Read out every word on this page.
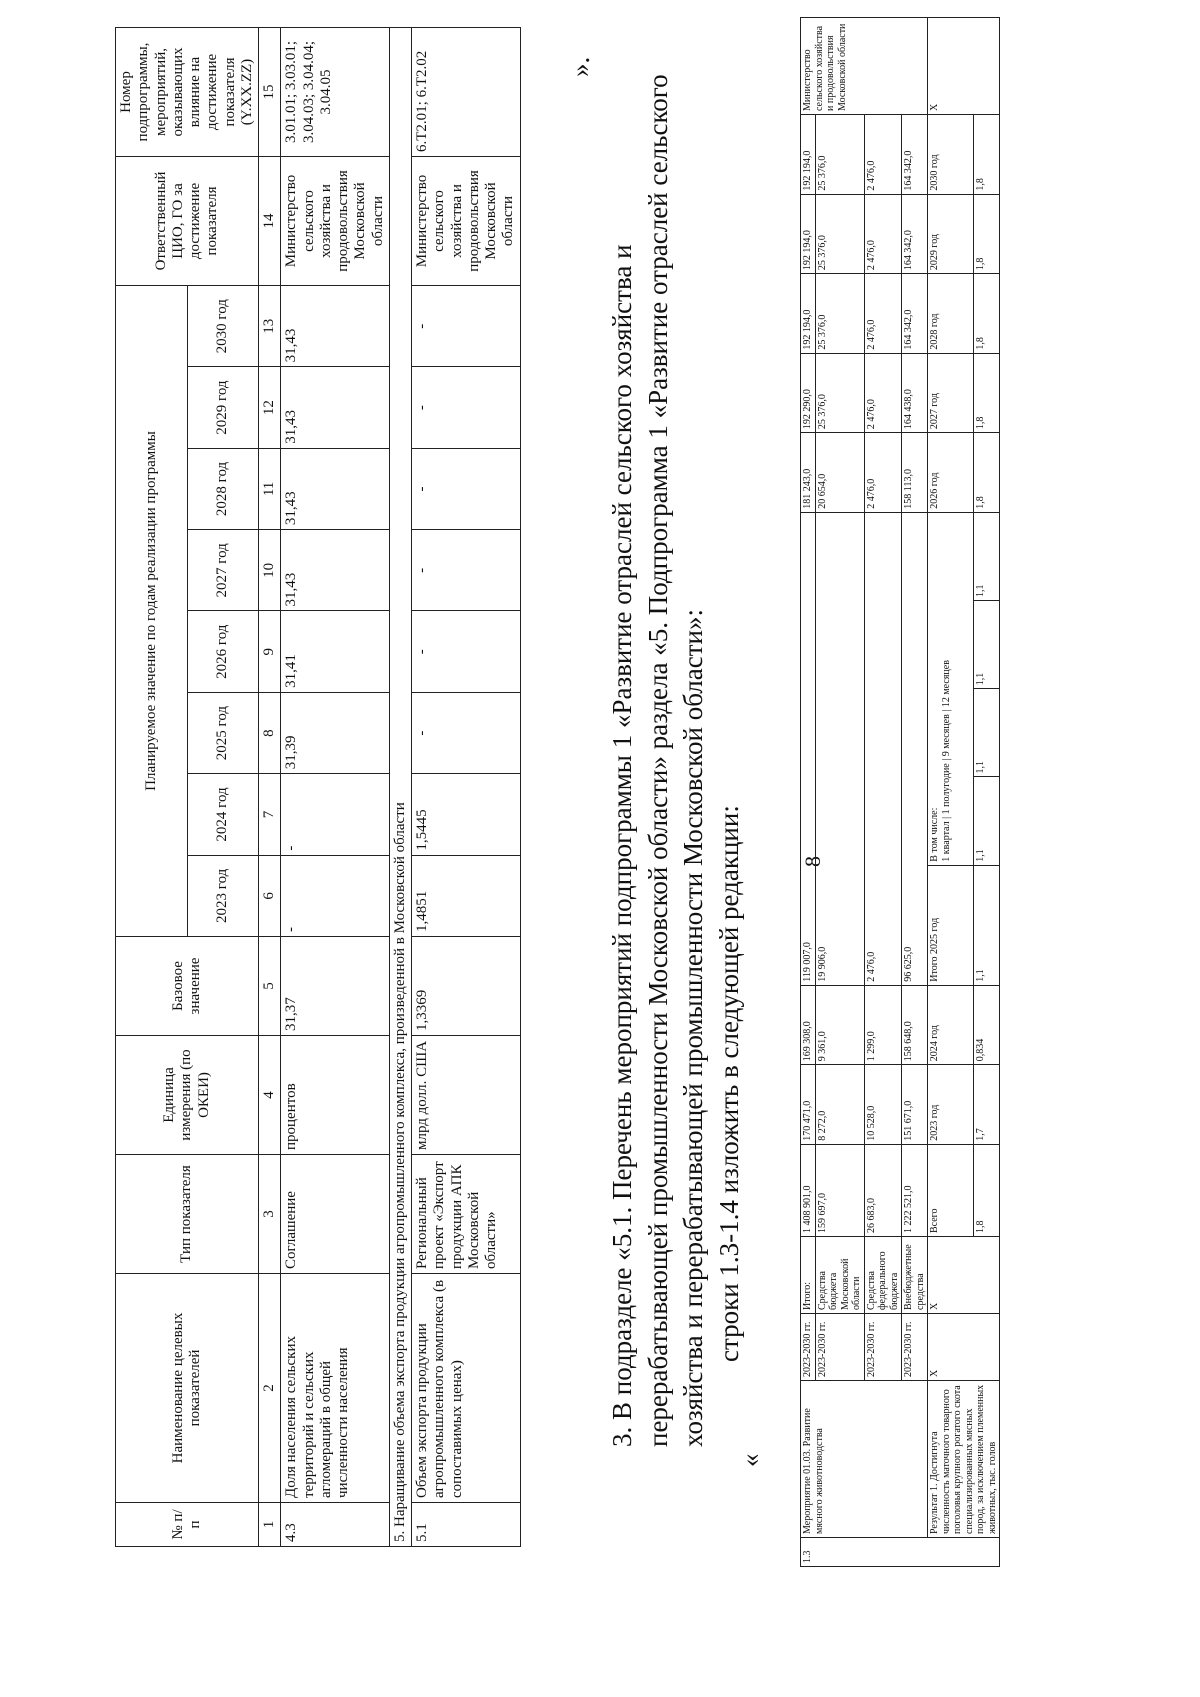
8
№ п/п	Наименование целевых показателей	Тип показателя	Единица измерения (по ОКЕИ)	Базовое значение	Планируемое значение по годам реализации программы								Ответственный ЦИО, ГО за достижение показателя	Номер подпрограммы, мероприятий, оказывающих влияние на достижение показателя (Y.XX.ZZ)
					2023 год	2024 год	2025 год	2026 год	2027 год	2028 год	2029 год	2030 год		
1	2	3	4	5	6	7	8	9	10	11	12	13	14	15
4.3	Доля населения сельских территорий и сельских агломераций в общей численности населения	Соглашение	процентов	31,37	-	-	31,39	31,41	31,43	31,43	31,43	31,43	Министерство сельского хозяйства и продовольствия Московской области	3.01.01; 3.03.01; 3.04.03; 3.04.04; 3.04.05
5. Наращивание объема экспорта продукции агропромышленного комплекса, произведенной в Московской области														
5.1	Объем экспорта продукции агропромышленного комплекса (в сопоставимых ценах)	Региональный проект «Экспорт продукции АПК Московской области»	млрд долл. США	1,3369	1,4851	1,5445	-	-	-	-	-	-	Министерство сельского хозяйства и продовольствия Московской области	6.Т2.01; 6.Т2.02	».
3. В подразделе «5.1. Перечень мероприятий подпрограммы 1 «Развитие отраслей сельского хозяйства и перерабатывающей промышленности Московской области» раздела «5. Подпрограмма 1 «Развитие отраслей сельского хозяйства и перерабатывающей промышленности Московской области»: строки 1.3-1.4 изложить в следующей редакции:
«
1.3	Мероприятие 01.03. Развитие мясного животноводства	2023-2030 гг.	Итого:	1 408 901,0	170 471,0	169 308,0	119 007,0					181 243,0	192 290,0	192 194,0	192 194,0	192 194,0	Министерство сельского хозяйства и продовольствия Московской области
		2023-2030 гг.	Средства бюджета Московской области	159 697,0	8 272,0	9 361,0	19 906,0					20 654,0	25 376,0	25 376,0	25 376,0	25 376,0	
		2023-2030 гг.	Средства федерального бюджета	26 683,0	10 528,0	1 299,0	2 476,0					2 476,0	2 476,0	2 476,0	2 476,0	2 476,0	
		2023-2030 гг.	Внебюджетные средства	1 222 521,0	151 671,0	158 648,0	96 625,0					158 113,0	164 438,0	164 342,0	164 342,0	164 342,0	
	Результат 1. Достигнута численность маточного товарного поголовья крупного рогатого скота специализированных мясных пород, за исключением племенных животных, тыс. голов	X	X	Всего	2023 год	2024 год	Итого 2025 год	В том числе: 1 квартал | 1 полугодие | 9 месяцев | 12 месяцев				2026 год	2027 год	2028 год	2029 год	2030 год	X
				1,8	1,7	0,834	1,1	1,1	1,1	1,1	1,1	1,8	1,8	1,8	1,8	1,8	
